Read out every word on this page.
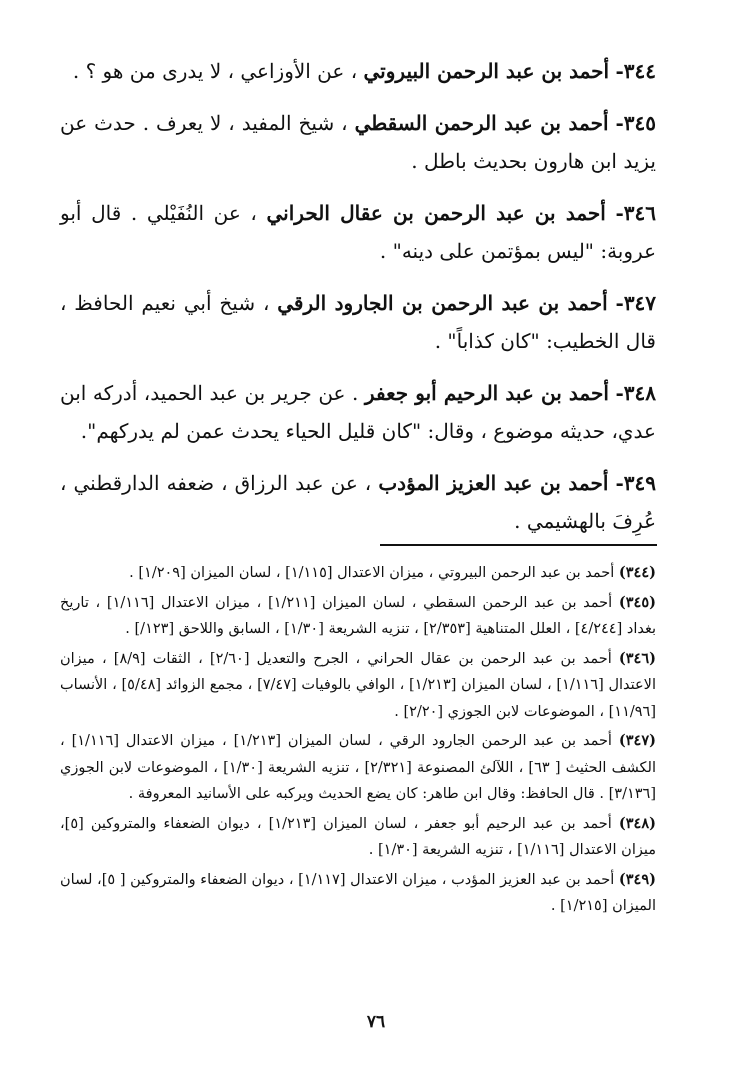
٣٤٤- أحمد بن عبد الرحمن البيروتي ، عن الأوزاعي ، لا يدرى من هو ؟ .

٣٤٥- أحمد بن عبد الرحمن السقطي ، شيخ المفيد ، لا يعرف . حدث عن يزيد ابن هارون بحديث باطل .

٣٤٦- أحمد بن عبد الرحمن بن عقال الحراني ، عن النُفَيْلي . قال أبو عروبة: "ليس بمؤتمن على دينه" .

٣٤٧- أحمد بن عبد الرحمن بن الجارود الرقي ، شيخ أبي نعيم الحافظ ، قال الخطيب: "كان كذاباً" .

٣٤٨- أحمد بن عبد الرحيم أبو جعفر . عن جرير بن عبد الحميد، أدركه ابن عدي، حديثه موضوع ، وقال: "كان قليل الحياء يحدث عمن لم يدركهم".

٣٤٩- أحمد بن عبد العزيز المؤدب ، عن عبد الرزاق ، ضعفه الدارقطني ، عُرِفَ بالهشيمي .

(٣٤٤) أحمد بن عبد الرحمن البيروتي ، ميزان الاعتدال [١/١١٥] ، لسان الميزان [١/٢٠٩] .

(٣٤٥) أحمد بن عبد الرحمن السقطي ، لسان الميزان [١/٢١١] ، ميزان الاعتدال [١/١١٦] ، تاريخ بغداد [٤/٢٤٤] ، العلل المتناهية [٢/٣٥٣] ، تنزيه الشريعة [١/٣٠] ، السابق واللاحق [١٢٣/] .

(٣٤٦) أحمد بن عبد الرحمن بن عقال الحراني ، الجرح والتعديل [٢/٦٠] ، الثقات [٨/٩] ، ميزان الاعتدال [١/١١٦] ، لسان الميزان [١/٢١٣] ، الوافي بالوفيات [٧/٤٧] ، مجمع الزوائد [٥/٤٨] ، الأنساب [١١/٩٦] ، الموضوعات لابن الجوزي [٢/٢٠] .

(٣٤٧) أحمد بن عبد الرحمن الجارود الرقي ، لسان الميزان [١/٢١٣] ، ميزان الاعتدال [١/١١٦] ، الكشف الحثيث [ ٦٣] ، اللآلئ المصنوعة [٢/٣٢١] ، تنزيه الشريعة [١/٣٠] ، الموضوعات لابن الجوزي [٣/١٣٦] . قال الحافظ: وقال ابن طاهر: كان يضع الحديث ويركبه على الأسانيد المعروفة .

(٣٤٨) أحمد بن عبد الرحيم أبو جعفر ، لسان الميزان [١/٢١٣] ، ديوان الضعفاء والمتروكين [٥]، ميزان الاعتدال [١/١١٦] ، تنزيه الشريعة [١/٣٠] .

(٣٤٩) أحمد بن عبد العزيز المؤدب ، ميزان الاعتدال [١/١١٧] ، ديوان الضعفاء والمتروكين [ ٥]، لسان الميزان [١/٢١٥] .

٧٦
